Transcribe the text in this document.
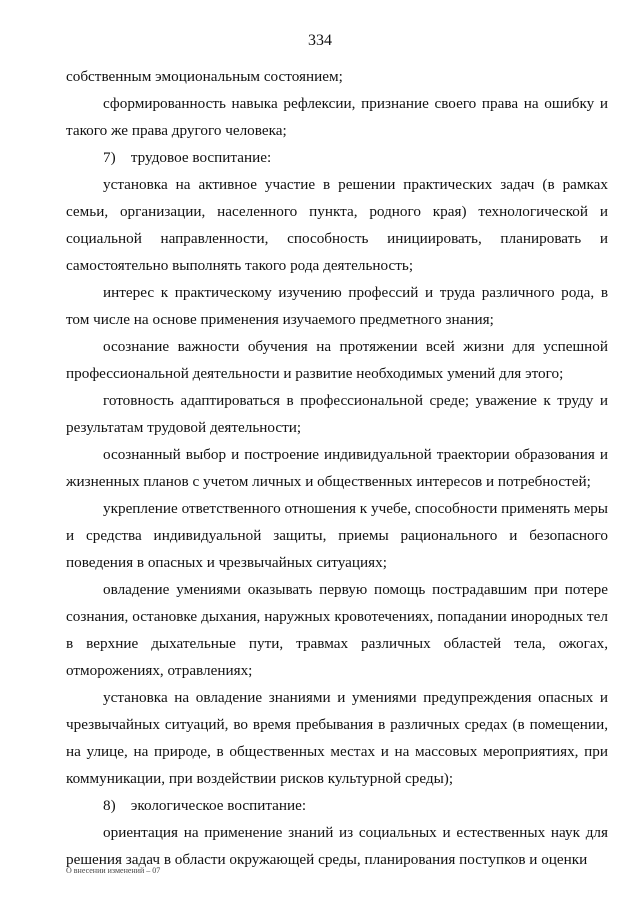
334

собственным эмоциональным состоянием;

сформированность навыка рефлексии, признание своего права на ошибку и такого же права другого человека;

7)    трудовое воспитание:

установка на активное участие в решении практических задач (в рамках семьи, организации, населенного пункта, родного края) технологической и социальной направленности, способность инициировать, планировать и самостоятельно выполнять такого рода деятельность;

интерес к практическому изучению профессий и труда различного рода, в том числе на основе применения изучаемого предметного знания;

осознание важности обучения на протяжении всей жизни для успешной профессиональной деятельности и развитие необходимых умений для этого;

готовность адаптироваться в профессиональной среде; уважение к труду и результатам трудовой деятельности;

осознанный выбор и построение индивидуальной траектории образования и жизненных планов с учетом личных и общественных интересов и потребностей;

укрепление ответственного отношения к учебе, способности применять меры и средства индивидуальной защиты, приемы рационального и безопасного поведения в опасных и чрезвычайных ситуациях;

овладение умениями оказывать первую помощь пострадавшим при потере сознания, остановке дыхания, наружных кровотечениях, попадании инородных тел в верхние дыхательные пути, травмах различных областей тела, ожогах, отморожениях, отравлениях;

установка на овладение знаниями и умениями предупреждения опасных и чрезвычайных ситуаций, во время пребывания в различных средах (в помещении, на улице, на природе, в общественных местах и на массовых мероприятиях, при коммуникации, при воздействии рисков культурной среды);

8)    экологическое воспитание:

ориентация на применение знаний из социальных и естественных наук для решения задач в области окружающей среды, планирования поступков и оценки

О внесении изменений – 07
